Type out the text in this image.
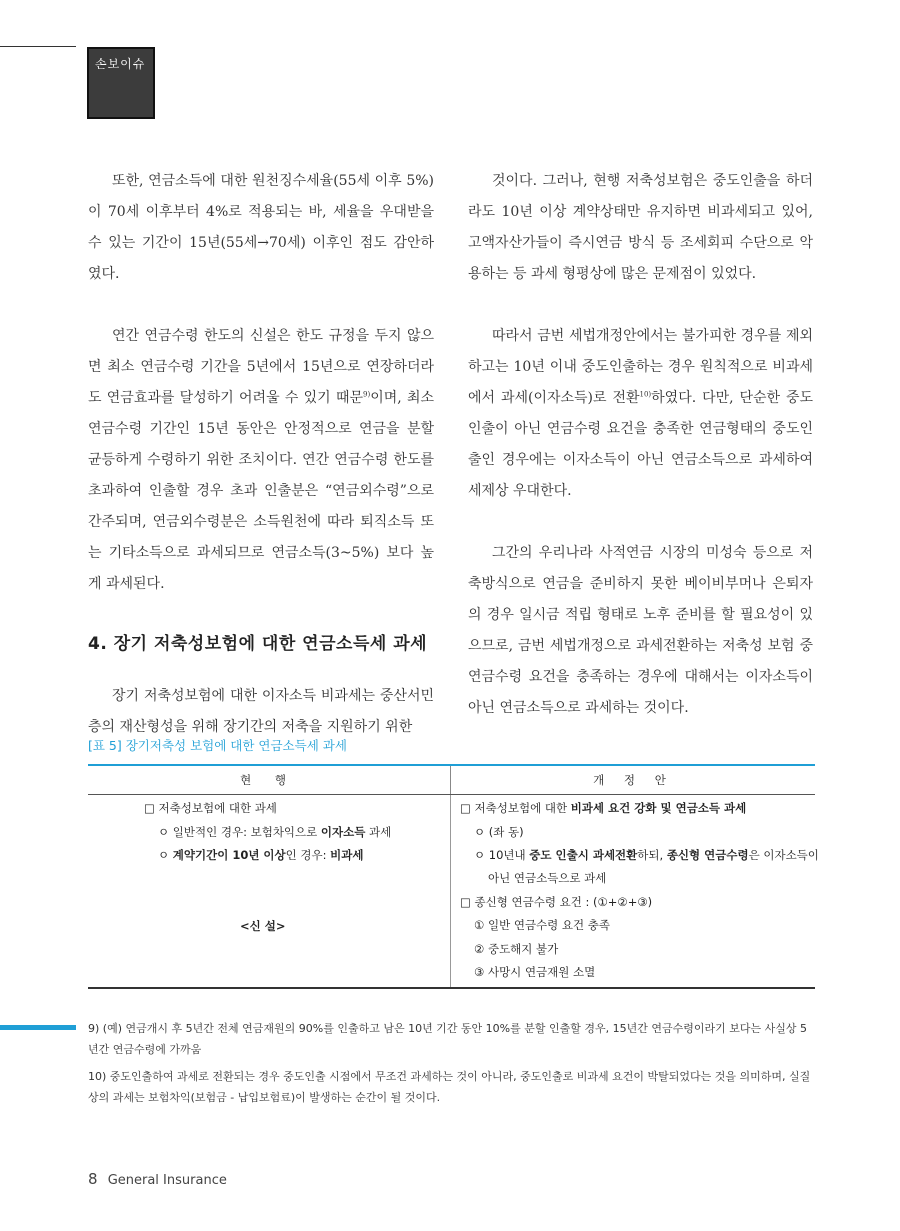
손보이슈

또한, 연금소득에 대한 원천징수세율(55세 이후 5%)이 70세 이후부터 4%로 적용되는 바, 세율을 우대받을 수 있는 기간이 15년(55세→70세) 이후인 점도 감안하였다.

연간 연금수령 한도의 신설은 한도 규정을 두지 않으면 최소 연금수령 기간을 5년에서 15년으로 연장하더라도 연금효과를 달성하기 어려울 수 있기 때문$^{9)}$이며, 최소 연금수령 기간인 15년 동안은 안정적으로 연금을 분할 균등하게 수령하기 위한 조치이다. 연간 연금수령 한도를 초과하여 인출할 경우 초과 인출분은 “연금외수령”으로 간주되며, 연금외수령분은 소득원천에 따라 퇴직소득 또는 기타소득으로 과세되므로 연금소득(3~5%) 보다 높게 과세된다.

4. 장기 저축성보험에 대한 연금소득세 과세

장기 저축성보험에 대한 이자소득 비과세는 중산서민층의 재산형성을 위해 장기간의 저축을 지원하기 위한

것이다. 그러나, 현행 저축성보험은 중도인출을 하더라도 10년 이상 계약상태만 유지하면 비과세되고 있어, 고액자산가들이 즉시연금 방식 등 조세회피 수단으로 악용하는 등 과세 형평상에 많은 문제점이 있었다.

따라서 금번 세법개정안에서는 불가피한 경우를 제외하고는 10년 이내 중도인출하는 경우 원칙적으로 비과세에서 과세(이자소득)로 전환$^{10)}$하였다. 다만, 단순한 중도인출이 아닌 연금수령 요건을 충족한 연금형태의 중도인출인 경우에는 이자소득이 아닌 연금소득으로 과세하여 세제상 우대한다.

그간의 우리나라 사적연금 시장의 미성숙 등으로 저축방식으로 연금을 준비하지 못한 베이비부머나 은퇴자의 경우 일시금 적립 형태로 노후 준비를 할 필요성이 있으므로, 금번 세법개정으로 과세전환하는 저축성 보험 중 연금수령 요건을 충족하는 경우에 대해서는 이자소득이 아닌 연금소득으로 과세하는 것이다.

[표 5] 장기저축성 보험에 대한 연금소득세 과세
현 행	개 정 안
□ 저축성보험에 대한 과세
ㅇ 일반적인 경우: 보험차익으로 이자소득 과세
ㅇ 계약기간이 10년 이상인 경우: 비과세
<신 설>
□ 저축성보험에 대한 비과세 요건 강화 및 연금소득 과세
ㅇ (좌 동)
ㅇ 10년내 중도 인출시 과세전환하되, 종신형 연금수령은 이자소득이
아닌 연금소득으로 과세
□ 종신형 연금수령 요건 : (①+②+③)
① 일반 연금수령 요건 충족
② 중도해지 불가
③ 사망시 연금재원 소멸
9) (예) 연금개시 후 5년간 전체 연금재원의 90%를 인출하고 남은 10년 기간 동안 10%를 분할 인출할 경우, 15년간 연금수령이라기 보다는 사실상 5년간 연금수령에 가까움
10) 중도인출하여 과세로 전환되는 경우 중도인출 시점에서 무조건 과세하는 것이 아니라, 중도인출로 비과세 요건이 박탈되었다는 것을 의미하며, 실질상의 과세는 보험차익(보험금 - 납입보험료)이 발생하는 순간이 될 것이다.
8 General Insurance
